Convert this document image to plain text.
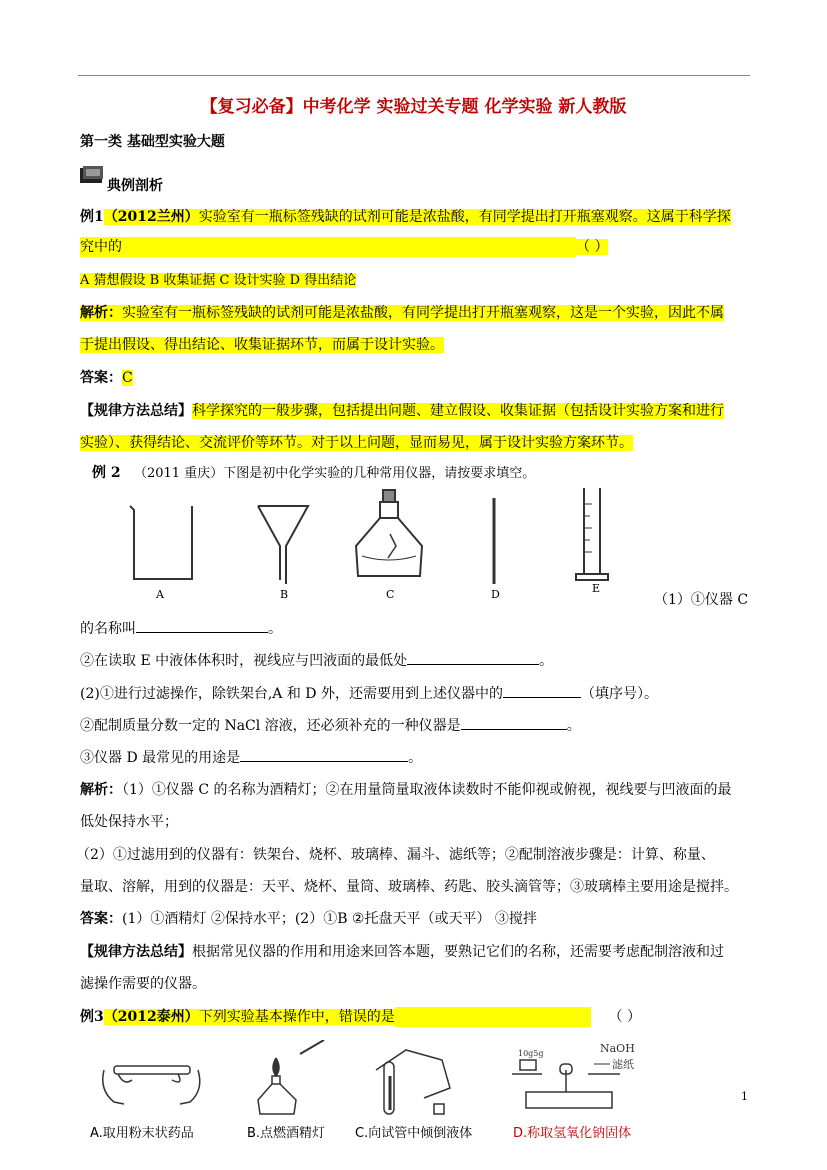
【复习必备】中考化学 实验过关专题 化学实验 新人教版
第一类 基础型实验大题
典例剖析
例1（2012兰州）实验室有一瓶标签残缺的试剂可能是浓盐酸，有同学提出打开瓶塞观察。这属于科学探
究中的	（ ）
A 猜想假设 B 收集证据 C 设计实验 D 得出结论
解析：实验室有一瓶标签残缺的试剂可能是浓盐酸，有同学提出打开瓶塞观察，这是一个实验，因此不属
于提出假设、得出结论、收集证据环节，而属于设计实验。
答案：C
【规律方法总结】科学探究的一般步骤，包括提出问题、建立假设、收集证据（包括设计实验方案和进行
实验）、获得结论、交流评价等环节。对于以上问题，显而易见，属于设计实验方案环节。
例 2 （2011 重庆）下图是初中化学实验的几种常用仪器，请按要求填空。
A	B	C	D	E
（1）①仪器 C
的名称叫	。
②在读取 E 中液体体积时，视线应与凹液面的最低处	。
(2)①进行过滤操作，除铁架台,A 和 D 外，还需要用到上述仪器中的	（填序号）。
②配制质量分数一定的 NaCl 溶液，还必须补充的一种仪器是	。
③仪器 D 最常见的用途是	。
解析：（1）①仪器 C 的名称为酒精灯；②在用量筒量取液体读数时不能仰视或俯视，视线要与凹液面的最
低处保持水平；
（2）①过滤用到的仪器有：铁架台、烧杯、玻璃棒、漏斗、滤纸等；②配制溶液步骤是：计算、称量、
量取、溶解，用到的仪器是：天平、烧杯、量筒、玻璃棒、药匙、胶头滴管等；③玻璃棒主要用途是搅拌。
答案：(1）①酒精灯 ②保持水平；(2）①B ②托盘天平（或天平） ③搅拌
【规律方法总结】根据常见仪器的作用和用途来回答本题，要熟记它们的名称，还需要考虑配制溶液和过
滤操作需要的仪器。
例3（2012泰州）下列实验基本操作中，错误的是	（ ）
10g5g	NaOH
滤纸
A.取用粉末状药品	B.点燃酒精灯 C.向试管中倾倒液体	D.称取氢氧化钠固体
1
